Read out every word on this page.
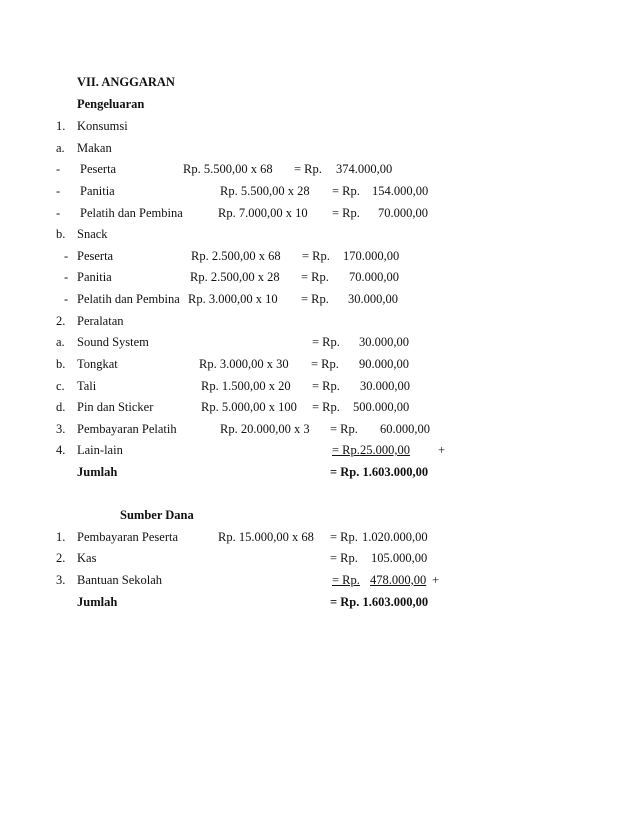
VII. ANGGARAN
Pengeluaran
1. Konsumsi
a. Makan
- Peserta	Rp. 5.500,00 x 68 = Rp. 374.000,00
- Panitia	Rp. 5.500,00 x 28 = Rp. 154.000,00
- Pelatih dan Pembina	Rp. 7.000,00 x 10 = Rp. 70.000,00
b. Snack
- Peserta	Rp. 2.500,00 x 68 = Rp. 170.000,00
- Panitia	Rp. 2.500,00 x 28 = Rp. 70.000,00
- Pelatih dan Pembina Rp. 3.000,00 x 10 = Rp. 30.000,00
2. Peralatan
a. Sound System	= Rp. 30.000,00
b. Tongkat	Rp. 3.000,00 x 30 = Rp. 90.000,00
c. Tali	Rp. 1.500,00 x 20 = Rp. 30.000,00
d. Pin dan Sticker	Rp. 5.000,00 x 100 = Rp. 500.000,00
3. Pembayaran Pelatih	Rp. 20.000,00 x 3 = Rp. 60.000,00
4. Lain-lain	= Rp. 25.000,00 +
Jumlah	= Rp. 1.603.000,00
Sumber Dana
1. Pembayaran Peserta	Rp. 15.000,00 x 68 = Rp. 1.020.000,00
2. Kas	= Rp. 105.000,00
3. Bantuan Sekolah	= Rp. 478.000,00 +
Jumlah	= Rp. 1.603.000,00
